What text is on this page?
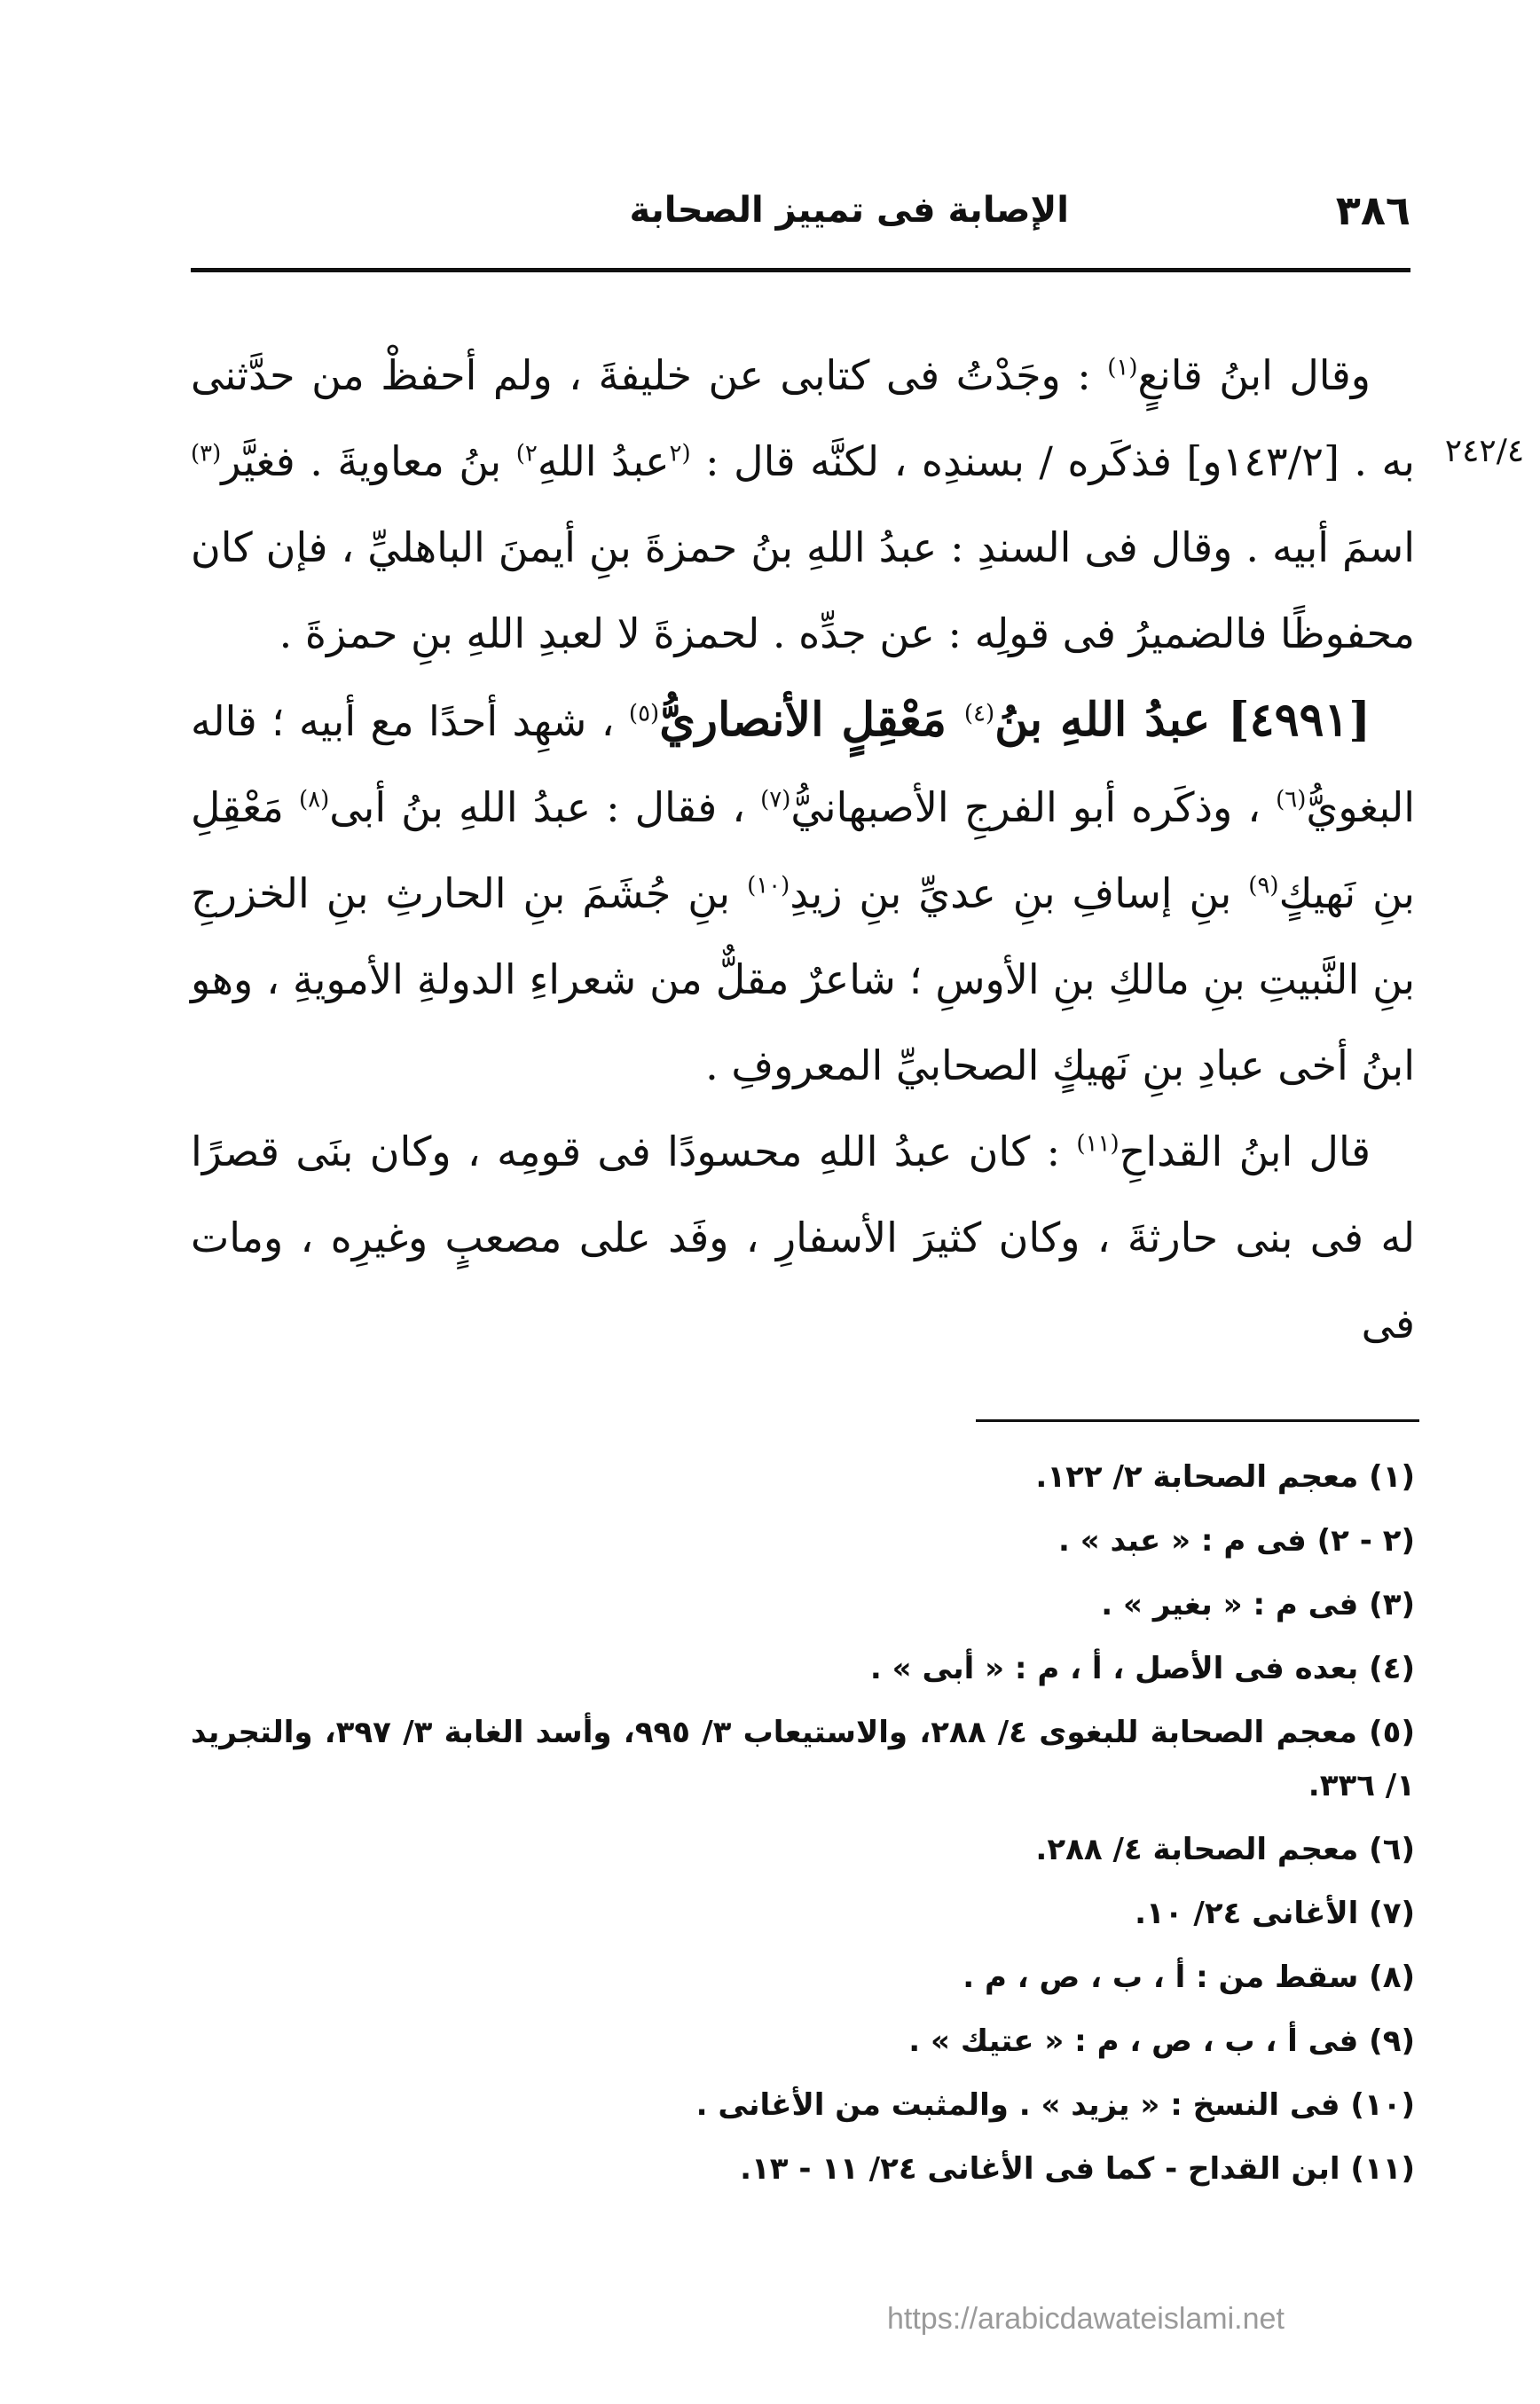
٣٨٦
الإصابة فى تمييز الصحابة
٢٤٢/٤

وقال ابنُ قانعٍ$^{(١)}$ : وجَدْتُ فى كتابى عن خليفةَ ، ولم أحفظْ من حدَّثنى به . [١٤٣/٢و] فذكَره / بسندِه ، لكنَّه قال : $^{(٢}$عبدُ اللهِ$^{٢)}$ بنُ معاويةَ . فغيَّر$^{(٣)}$ اسمَ أبيه . وقال فى السندِ : عبدُ اللهِ بنُ حمزةَ بنِ أيمنَ الباهليِّ ، فإن كان محفوظًا فالضميرُ فى قولِه : عن جدِّه . لحمزةَ لا لعبدِ اللهِ بنِ حمزةَ .

[٤٩٩١] عبدُ اللهِ بنُ$^{(٤)}$ مَعْقِلٍ الأنصاريُّ$^{(٥)}$ ، شهِد أحدًا مع أبيه ؛ قاله البغويُّ$^{(٦)}$ ، وذكَره أبو الفرجِ الأصبهانيُّ$^{(٧)}$ ، فقال : عبدُ اللهِ بنُ أبى$^{(٨)}$ مَعْقِلِ بنِ نَهيكٍ$^{(٩)}$ بنِ إسافِ بنِ عديِّ بنِ زيدِ$^{(١٠)}$ بنِ جُشَمَ بنِ الحارثِ بنِ الخزرجِ بنِ النَّبيتِ بنِ مالكِ بنِ الأوسِ ؛ شاعرٌ مقلٌّ من شعراءِ الدولةِ الأمويةِ ، وهو ابنُ أخى عبادِ بنِ نَهيكٍ الصحابيِّ المعروفِ .

قال ابنُ القداحِ$^{(١١)}$ : كان عبدُ اللهِ محسودًا فى قومِه ، وكان بنَى قصرًا له فى بنى حارثةَ ، وكان كثيرَ الأسفارِ ، وفَد على مصعبٍ وغيرِه ، ومات فى

(١) معجم الصحابة ٢/ ١٢٢.

(٢ - ٢) فى م : « عبد » .

(٣) فى م : « بغير » .

(٤) بعده فى الأصل ، أ ، م : « أبى » .

(٥) معجم الصحابة للبغوى ٤/ ٢٨٨، والاستيعاب ٣/ ٩٩٥، وأسد الغابة ٣/ ٣٩٧، والتجريد ١/ ٣٣٦.

(٦) معجم الصحابة ٤/ ٢٨٨.

(٧) الأغانى ٢٤/ ١٠.

(٨) سقط من : أ ، ب ، ص ، م .

(٩) فى أ ، ب ، ص ، م : « عتيك » .

(١٠) فى النسخ : « يزيد » . والمثبت من الأغانى .

(١١) ابن القداح - كما فى الأغانى ٢٤/ ١١ - ١٣.

https://arabicdawateislami.net
